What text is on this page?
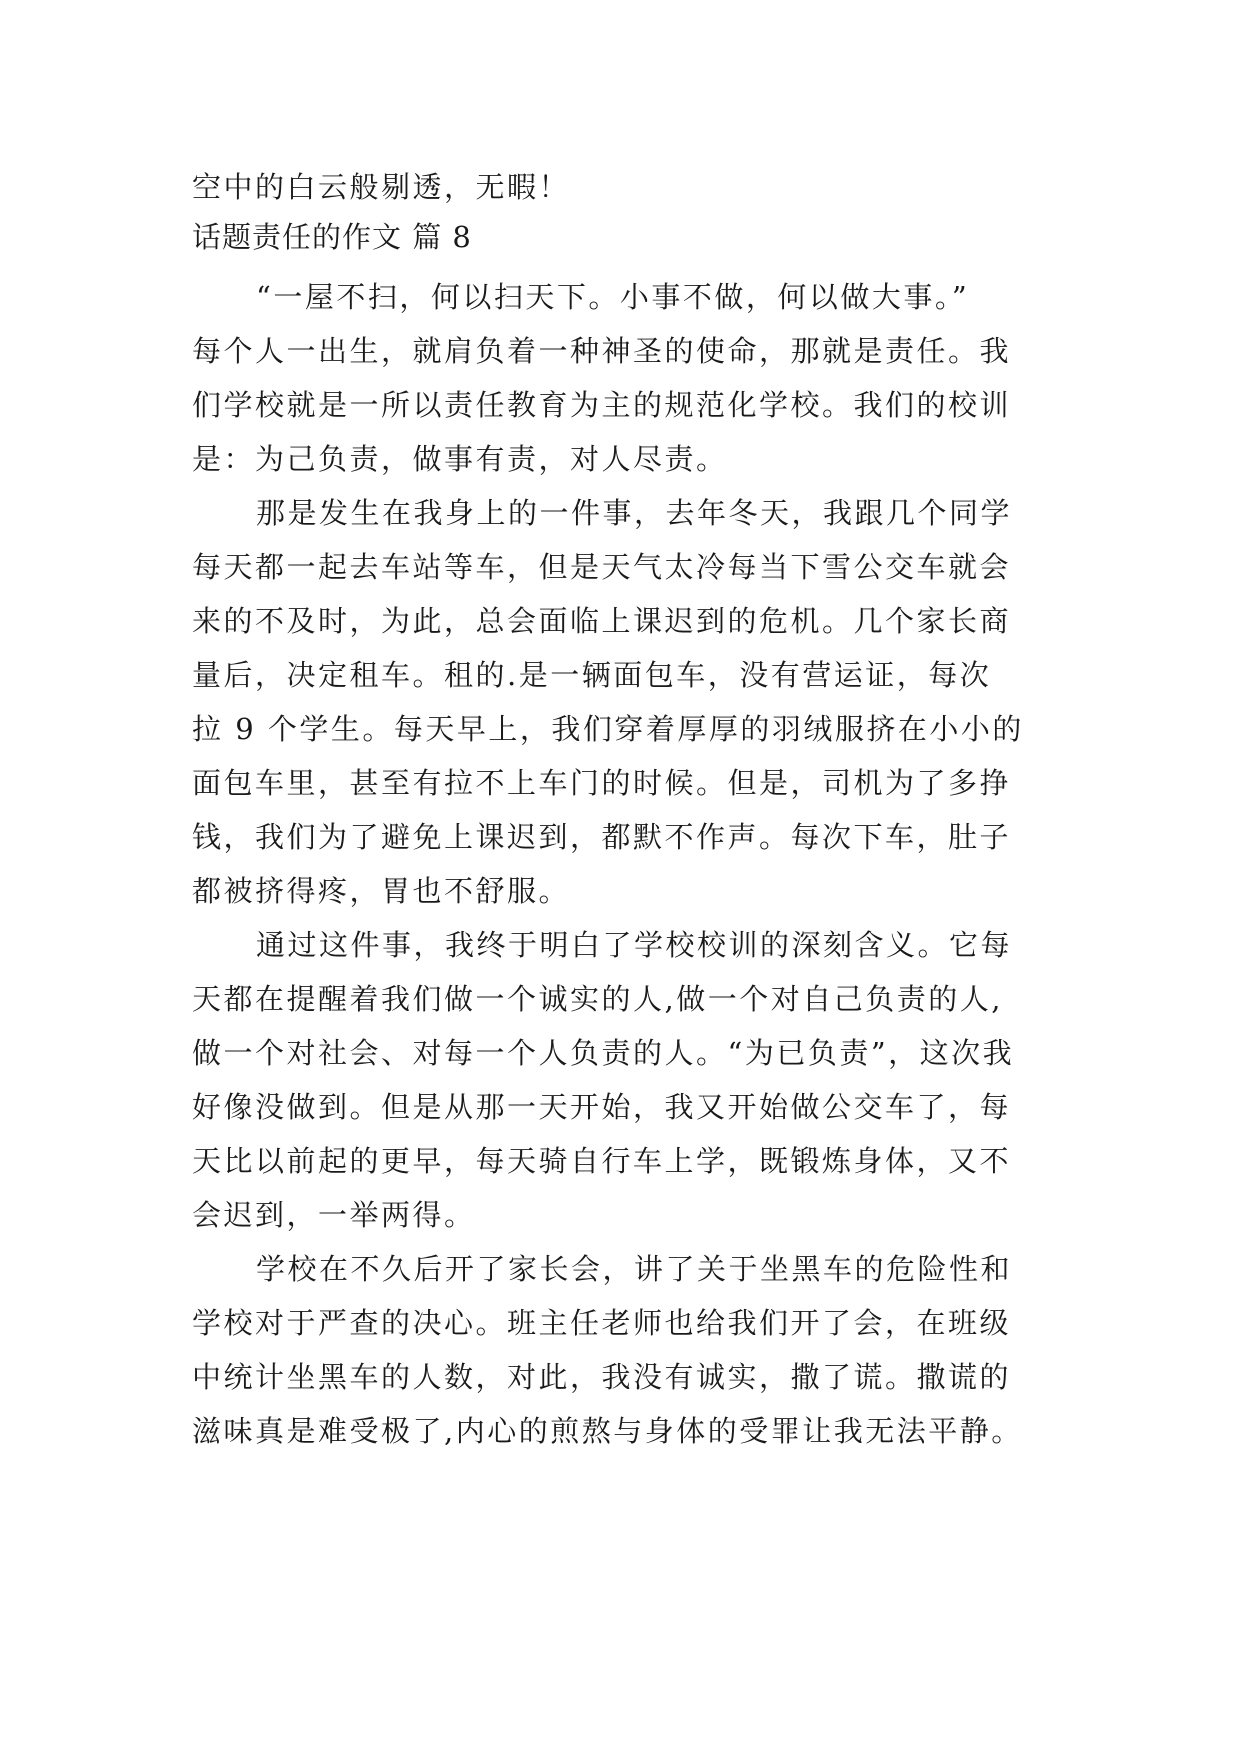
空中的白云般剔透，无暇！
话题责任的作文 篇 8
“一屋不扫，何以扫天下。小事不做，何以做大事。”
每个人一出生，就肩负着一种神圣的使命，那就是责任。我
们学校就是一所以责任教育为主的规范化学校。我们的校训
是：为己负责，做事有责，对人尽责。
那是发生在我身上的一件事，去年冬天，我跟几个同学
每天都一起去车站等车，但是天气太冷每当下雪公交车就会
来的不及时，为此，总会面临上课迟到的危机。几个家长商
量后，决定租车。租的.是一辆面包车，没有营运证，每次
拉 9 个学生。每天早上，我们穿着厚厚的羽绒服挤在小小的
面包车里，甚至有拉不上车门的时候。但是，司机为了多挣
钱，我们为了避免上课迟到，都默不作声。每次下车，肚子
都被挤得疼，胃也不舒服。
通过这件事，我终于明白了学校校训的深刻含义。它每
天都在提醒着我们做一个诚实的人,做一个对自己负责的人,
做一个对社会、对每一个人负责的人。“为已负责”，这次我
好像没做到。但是从那一天开始，我又开始做公交车了，每
天比以前起的更早，每天骑自行车上学，既锻炼身体，又不
会迟到，一举两得。
学校在不久后开了家长会，讲了关于坐黑车的危险性和
学校对于严查的决心。班主任老师也给我们开了会，在班级
中统计坐黑车的人数，对此，我没有诚实，撒了谎。撒谎的
滋味真是难受极了,内心的煎熬与身体的受罪让我无法平静。
